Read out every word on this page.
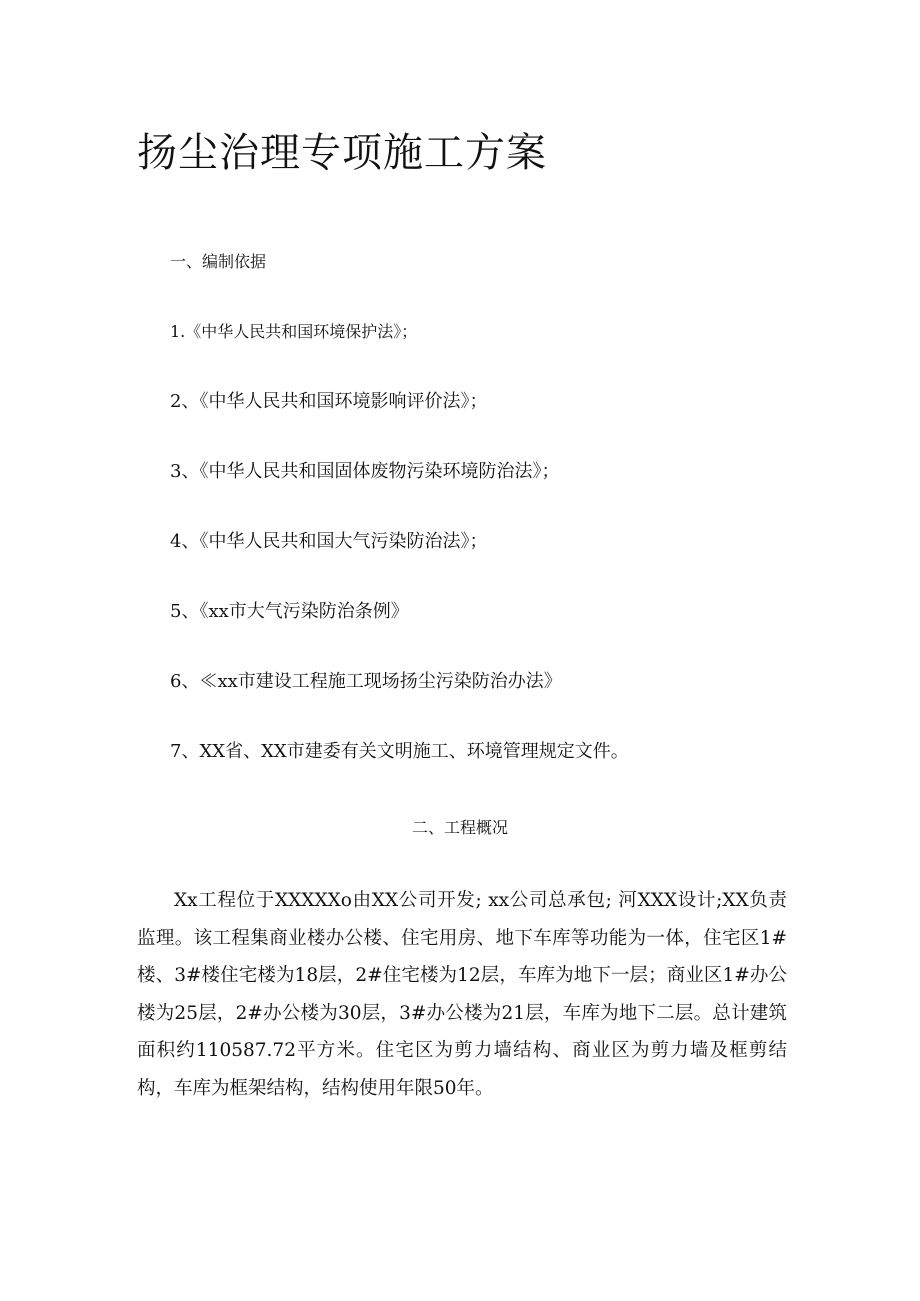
扬尘治理专项施工方案
一、编制依据
1.《中华人民共和国环境保护法》；
2、《中华人民共和国环境影响评价法》；
3、《中华人民共和国固体废物污染环境防治法》；
4、《中华人民共和国大气污染防治法》；
5、《xx市大气污染防治条例》
6、≪xx市建设工程施工现场扬尘污染防治办法》
7、XX省、XX市建委有关文明施工、环境管理规定文件。
二、工程概况

Xx工程位于XXXXXo由XX公司开发; xx公司总承包; 河XXX设计;XX负责监理。该工程集商业楼办公楼、住宅用房、地下车库等功能为一体，住宅区1#楼、3#楼住宅楼为18层，2#住宅楼为12层，车库为地下一层；商业区1#办公楼为25层，2#办公楼为30层，3#办公楼为21层，车库为地下二层。总计建筑面积约110587.72平方米。住宅区为剪力墙结构、商业区为剪力墙及框剪结构，车库为框架结构，结构使用年限50年。
